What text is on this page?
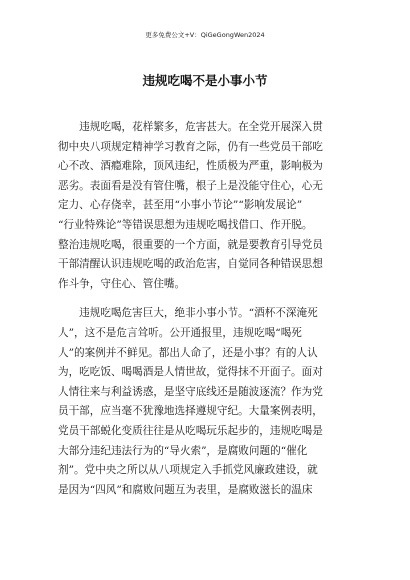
更多免费公文+V：QiGeGongWen2024
违规吃喝不是小事小节
　　违规吃喝，花样繁多，危害甚大。在全党开展深入贯
彻中央八项规定精神学习教育之际，仍有一些党员干部吃
心不改、酒瘾难除，顶风违纪，性质极为严重，影响极为
恶劣。表面看是没有管住嘴，根子上是没能守住心，心无
定力、心存侥幸，甚至用“小事小节论”“影响发展论”
“行业特殊论”等错误思想为违规吃喝找借口、作开脱。
整治违规吃喝，很重要的一个方面，就是要教育引导党员
干部清醒认识违规吃喝的政治危害，自觉同各种错误思想
作斗争，守住心、管住嘴。
　　违规吃喝危害巨大，绝非小事小节。“酒杯不深淹死
人”，这不是危言耸听。公开通报里，违规吃喝“喝死
人”的案例并不鲜见。都出人命了，还是小事？有的人认
为，吃吃饭、喝喝酒是人情世故，觉得抹不开面子。面对
人情往来与利益诱惑，是坚守底线还是随波逐流？作为党
员干部，应当毫不犹豫地选择遵规守纪。大量案例表明，
党员干部蜕化变质往往是从吃喝玩乐起步的，违规吃喝是
大部分违纪违法行为的“导火索”，是腐败问题的“催化
剂”。党中央之所以从八项规定入手抓党风廉政建设，就
是因为“四风”和腐败问题互为表里，是腐败滋长的温床
